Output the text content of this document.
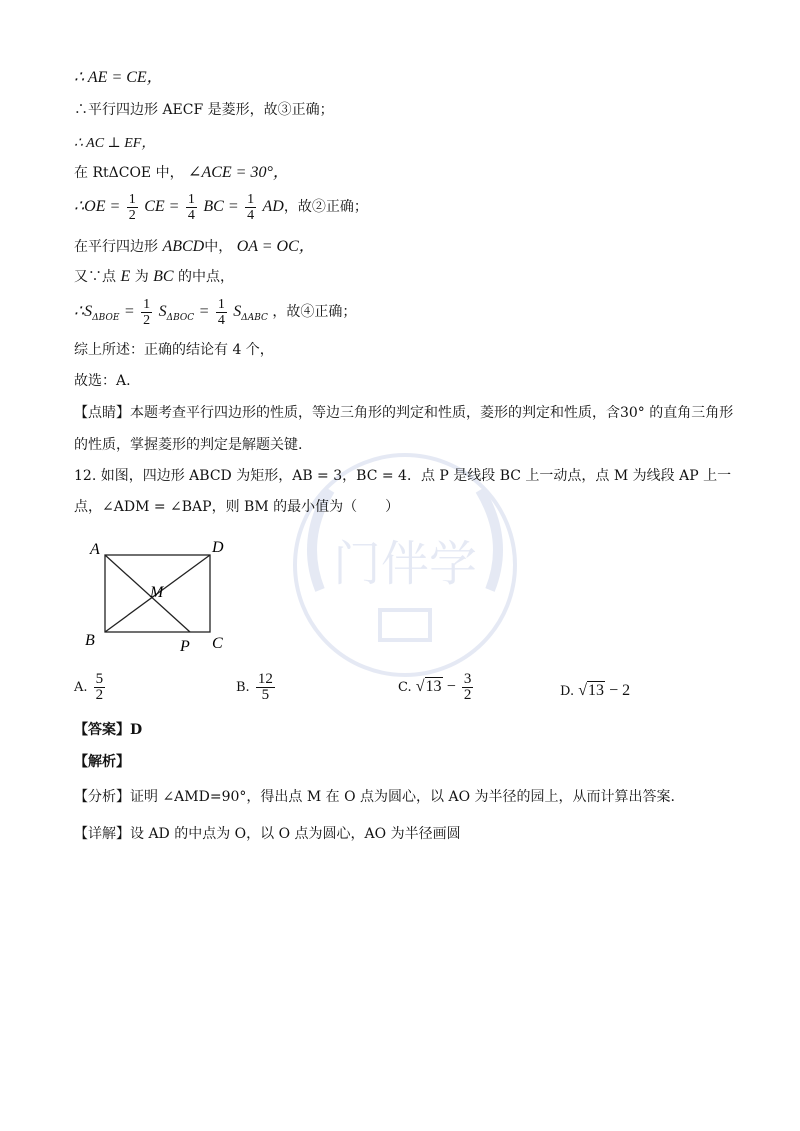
门伴学
∴ AE = CE，
∴平行四边形 AECF 是菱形，故③正确；
∴ AC ⊥ EF，
在 RtΔCOE 中， ∠ACE = 30°，
∴OE = $\frac{1}{2}$ CE = $\frac{1}{4}$ BC = $\frac{1}{4}$ AD，故②正确；
在平行四边形 ABCD中， OA = OC，
又∵点 E 为 BC 的中点，
$\therefore S_{\Delta BOE} = \frac{1}{2} S_{\Delta BOC} = \frac{1}{4} S_{\Delta ABC}$ ，故④正确；
综上所述：正确的结论有 4 个，
故选：A.
【点睛】本题考查平行四边形的性质，等边三角形的判定和性质，菱形的判定和性质，含30° 的直角三角形
的性质，掌握菱形的判定是解题关键.
12. 如图，四边形 ABCD 为矩形，AB = 3，BC = 4．点 P 是线段 BC 上一动点，点 M 为线段 AP 上一
点，∠ADM = ∠BAP，则 BM 的最小值为（　　）
A	D
B	C
M
P
A. $\frac{5}{2}$	B. $\frac{12}{5}$	C. $√13 - \frac{3}{2}$	D. √13 − 2
【答案】D
【解析】
【分析】证明 ∠AMD=90°，得出点 M 在 O 点为圆心，以 AO 为半径的园上，从而计算出答案.
【详解】设 AD 的中点为 O，以 O 点为圆心，AO 为半径画圆
